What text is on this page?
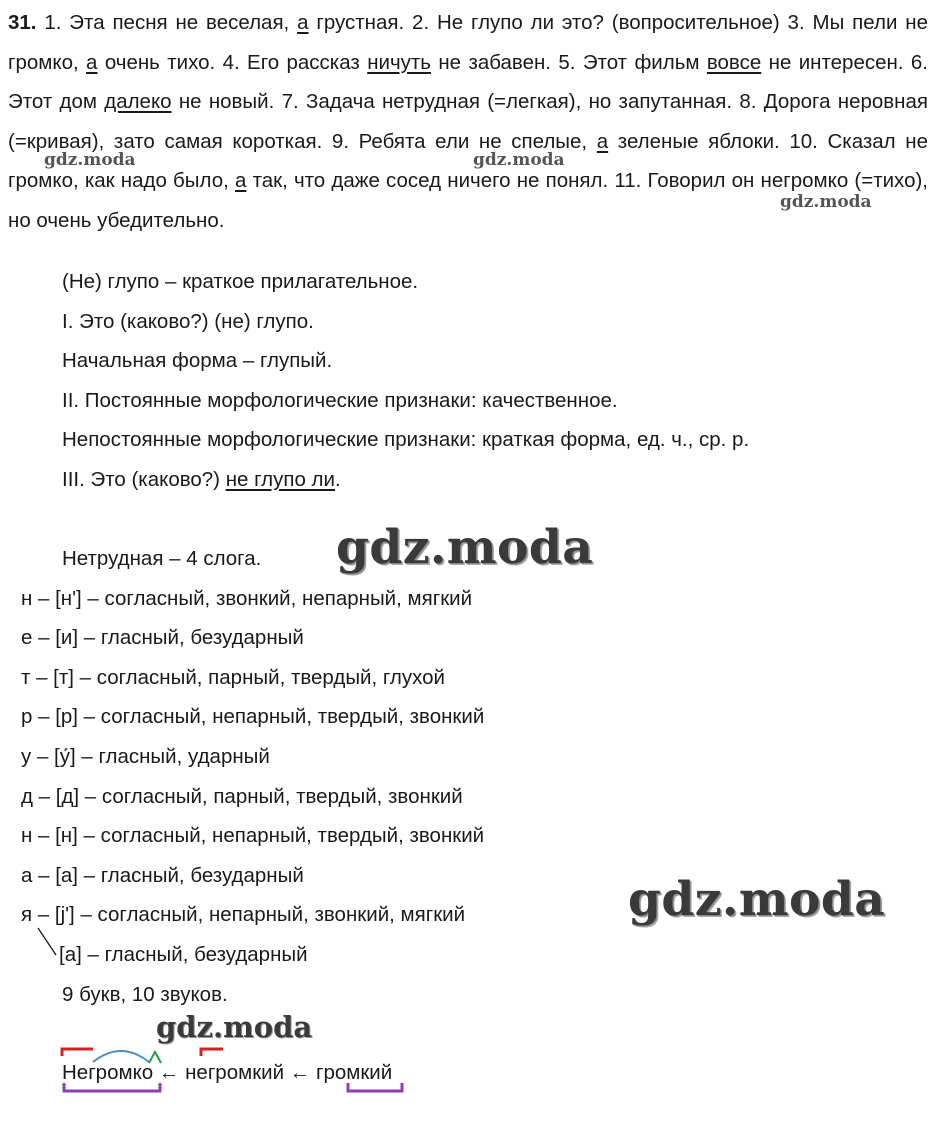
31. 1. Эта песня не веселая, а грустная. 2. Не глупо ли это? (вопросительное) 3. Мы пели не громко, а очень тихо. 4. Его рассказ ничуть не забавен. 5. Этот фильм вовсе не интересен. 6. Этот дом далеко не новый. 7. Задача нетрудная (=легкая), но запутанная. 8. Дорога неровная (=кривая), зато самая короткая. 9. Ребята ели не спелые, а зеленые яблоки. 10. Сказал не громко, как надо было, а так, что даже сосед ничего не понял. 11. Говорил он негромко (=тихо), но очень убедительно.
(Не) глупо – краткое прилагательное.
I. Это (каково?) (не) глупо.
Начальная форма – глупый.
II. Постоянные морфологические признаки: качественное.
Непостоянные морфологические признаки: краткая форма, ед. ч., ср. р.
III. Это (каково?) не глупо ли.
Нетрудная – 4 слога.
н – [н'] – согласный, звонкий, непарный, мягкий
е – [и] – гласный, безударный
т – [т] – согласный, парный, твердый, глухой
р – [р] – согласный, непарный, твердый, звонкий
у – [у́] – гласный, ударный
д – [д] – согласный, парный, твердый, звонкий
н – [н] – согласный, непарный, твердый, звонкий
а – [а] – гласный, безударный
я – [j'] – согласный, непарный, звонкий, мягкий
[а] – гласный, безударный
9 букв, 10 звуков.
Негромко ← негромкий ← громкий
gdz.moda	gdz.moda
gdz.moda
gdz.moda
gdz.moda
gdz.moda
